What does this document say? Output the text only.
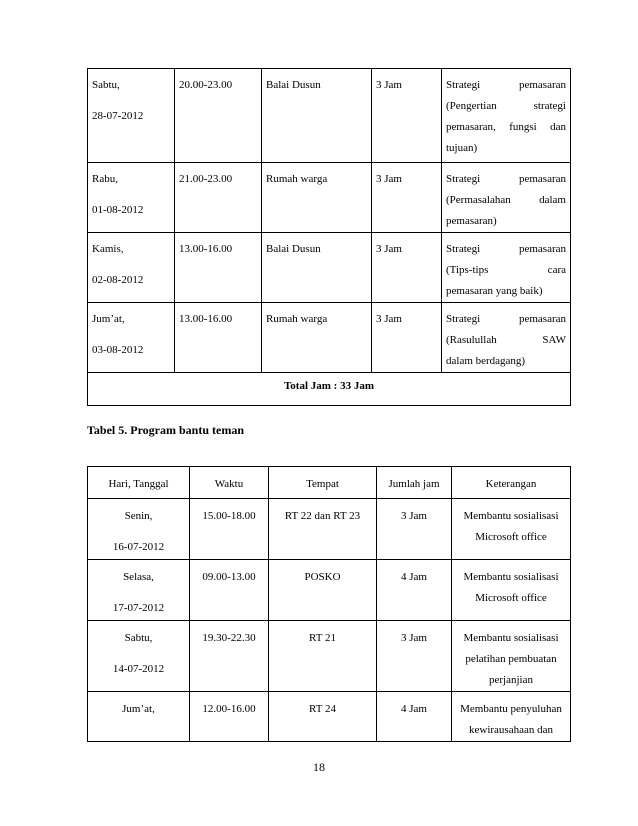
Sabtu,
28-07-2012	20.00-23.00	Balai Dusun	3 Jam	Strategi pemasaran
(Pengertian strategi
pemasaran, fungsi dan
tujuan)

Rabu,
01-08-2012	21.00-23.00	Rumah warga	3 Jam	Strategi pemasaran
(Permasalahan dalam
pemasaran)

Kamis,
02-08-2012	13.00-16.00	Balai Dusun	3 Jam	Strategi pemasaran
(Tips-tips cara
pemasaran yang baik)

Jum’at,
03-08-2012	13.00-16.00	Rumah warga	3 Jam	Strategi pemasaran
(Rasulullah SAW
dalam berdagang)

Total Jam : 33 Jam				
Tabel 5. Program bantu teman
Hari, Tanggal	Waktu	Tempat	Jumlah jam	Keterangan
Senin,
16-07-2012	15.00-18.00	RT 22 dan RT 23	3 Jam	Membantu sosialisasi
Microsoft office

Selasa,
17-07-2012	09.00-13.00	POSKO	4 Jam	Membantu sosialisasi
Microsoft office

Sabtu,
14-07-2012	19.30-22.30	RT 21	3 Jam	Membantu sosialisasi
pelatihan pembuatan
perjanjian

Jum’at,	12.00-16.00	RT 24	4 Jam	Membantu penyuluhan
kewirausahaan dan
18
